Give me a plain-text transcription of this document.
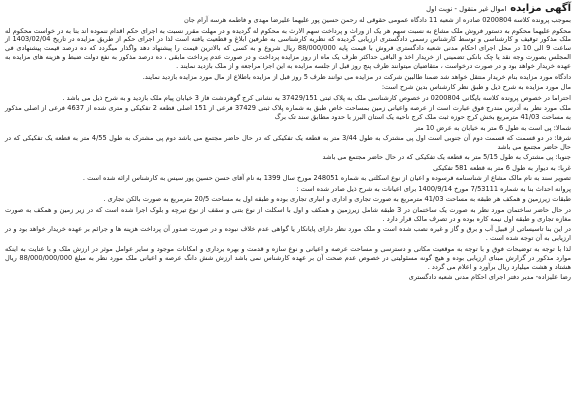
آگهی مزایده
اموال غیر منقول - نوبت اول

بموجب پرونده کلاسه 0200804 صادره از شعبه 11 دادگاه عمومی حقوقی له رحمن حسین پور علیهما علیرضا مهدی و فاطمه هرسه آرام جان

محکوم علیهما محکوم به دستور فروش ملک مشاع به نسبت سهم هر یک از وراث و پرداخت سهم الارث به محکوم له گردیده و در مهلت مقرر نسبت به اجرای حکم اقدام ننموده اند بنا به در خواست محکوم له ملک مذکور توقیف و کارشناسی و توسط کارشناس رسمی دادگستری ارزیابی گردیده که نظریه کارشناسی به طرفین ابلاغ و قطعیت یافته است لذا در اجرای حکم از طریق مزایده در تاریخ 1403/02/04 از ساعت 9 الی 10 در محل اجرای احکام مدنی شعبه دادگستری فروش با قیمت پایه 88/000/000 ریال شروع و به کسی که بالاترین قیمت را پیشنهاد دهد واگذار میگردد که ده درصد قیمت پیشنهادی فی المجلس بصورت وجه نقد یا چک بانکی تضمینی از خریدار اخذ و الباقی حداکثر ظرف یک ماه از روز مزایده پرداخت و در صورت عدم پرداخت مابقی ، ده درصد مذکور به نفع دولت ضبط و هزینه های مزایده به عهده خریدار خواهد بود و در صورت درخواست ، متقاضیان میتوانند ظرف پنج روز قبل از جلسه مزایده به این اجرا مراجعه و از ملک بازدید نمایند .

دادگاه مورد مزایده بنام خریدار منتقل خواهد شد ضمنا طالبین شرکت در مزایده می توانند ظرف 5 روز قبل از مزایده باطلاع از مال مورد مزایده بازدید نمایند.

مال مورد مزایده به شرح ذیل و طبق نظر کارشناس بدین شرح است:

احتراما در خصوص پرونده کلاسه بایگانی 0200804 در خصوص کارشناسی ملک به پلاک ثبتی 37429/151 به نشانی کرج گوهردشت فاز 3 خیابان پیام ملک بازدید و به شرح ذیل می باشد .

ملک مورد نظر به آدرس مندرج فوق عبارت است از عرصه واعیانی زمین بمساحت خاص طبق به شماره پلاک ثبتی 37429 فرعی از 151 اصلی قطعه 2 تفکیکی و متری شده از 4637 فرعی از اصلی مذکور به مساحت 41/03 مترمربع بخش کرج حوزه ثبت ملک کرج ناحیه یک استان البرز با حدود مطابق سند تک برگ

شمالا: پی است به طول 6 متر به خیابان به عرض 10 متر

شرقا: در دو قسمت که قسمت دوم آن جنوبی است اول پی مشترک به طول 3/44 متر به قطعه یک تفکیکی که در حال حاضر مجتمع می باشد دوم پی مشترک به طول 4/55 متر به قطعه یک تفکیکی که در حال حاضر مجتمع می باشد

جنوبا: پی مشترک به طول 5/15 متر به قطعه یک تفکیکی که در حال حاضر مجتمع می باشد

غربا: به دیوار به طول 6 متر به قطعه 581 تفکیکی

تصویر سند به نام مالک مشاع از شناسنامه فرسوده و اعیان از نوع اسکلتی به شماره 248051 مورخ سال 1399 به نام آقای حسن حسین پور سیس به کارشناس ارائه شده است .

پروانه احداث بنا به شماره 7/53111 مورخ 1400/9/14 برای اعیانات به شرح ذیل صادر شده است :

طبقات زیرزمین و همکف هر طبقه به مساحت 41/03 مترمربع به صورت تجاری و اداری و انباری تجاری بوده و طبقه اول به مساحت 20/5 مترمربع به صورت بالکن تجاری .

در حال حاضر ساختمان مورد نظر به صورت یک ساختمان در 3 طبقه شامل زیرزمین و همکف و اول با اسکلت از نوع بتنی و سقف از نوع تیرچه و بلوک اجرا شده است که در زیر زمین و همکف به صورت مغازه تجاری و طبقه اول نیمه کاره بوده و در تصرف مالک قرار دارد .

در این بنا تاسیساتی از قبیل آب و برق و گاز و غیره نصب شده است و ملک مورد نظر دارای پایانکار یا گواهی عدم خلاف نبوده و در صورت صدور آن پرداخت هزینه ها و جرائم بر عهده خریدار خواهد بود و در ارزیابی به آن توجه شده است .

لذا با توجه به توضیحات فوق و با توجه به موقعیت مکانی و دسترسی و مساحت عرصه و اعیانی و نوع سازه و قدمت و بهره برداری و امکانات موجود و سایر عوامل موثر در ارزش ملک و با عنایت به اینکه موارد مذکور در گزارش مبنای ارزیابی بوده و هیچ گونه مسئولیتی در خصوص عدم صحت آن بر عهده کارشناس نمی باشد ارزش شش دانگ عرصه و اعیانی ملک مورد نظر به مبلغ 88/000/000/000 ریال هشتاد و هشت میلیارد ریال برآورد و اعلام می گردد .

رضا علیزاده- مدیر دفتر اجرای احکام مدنی شعبه دادگستری
